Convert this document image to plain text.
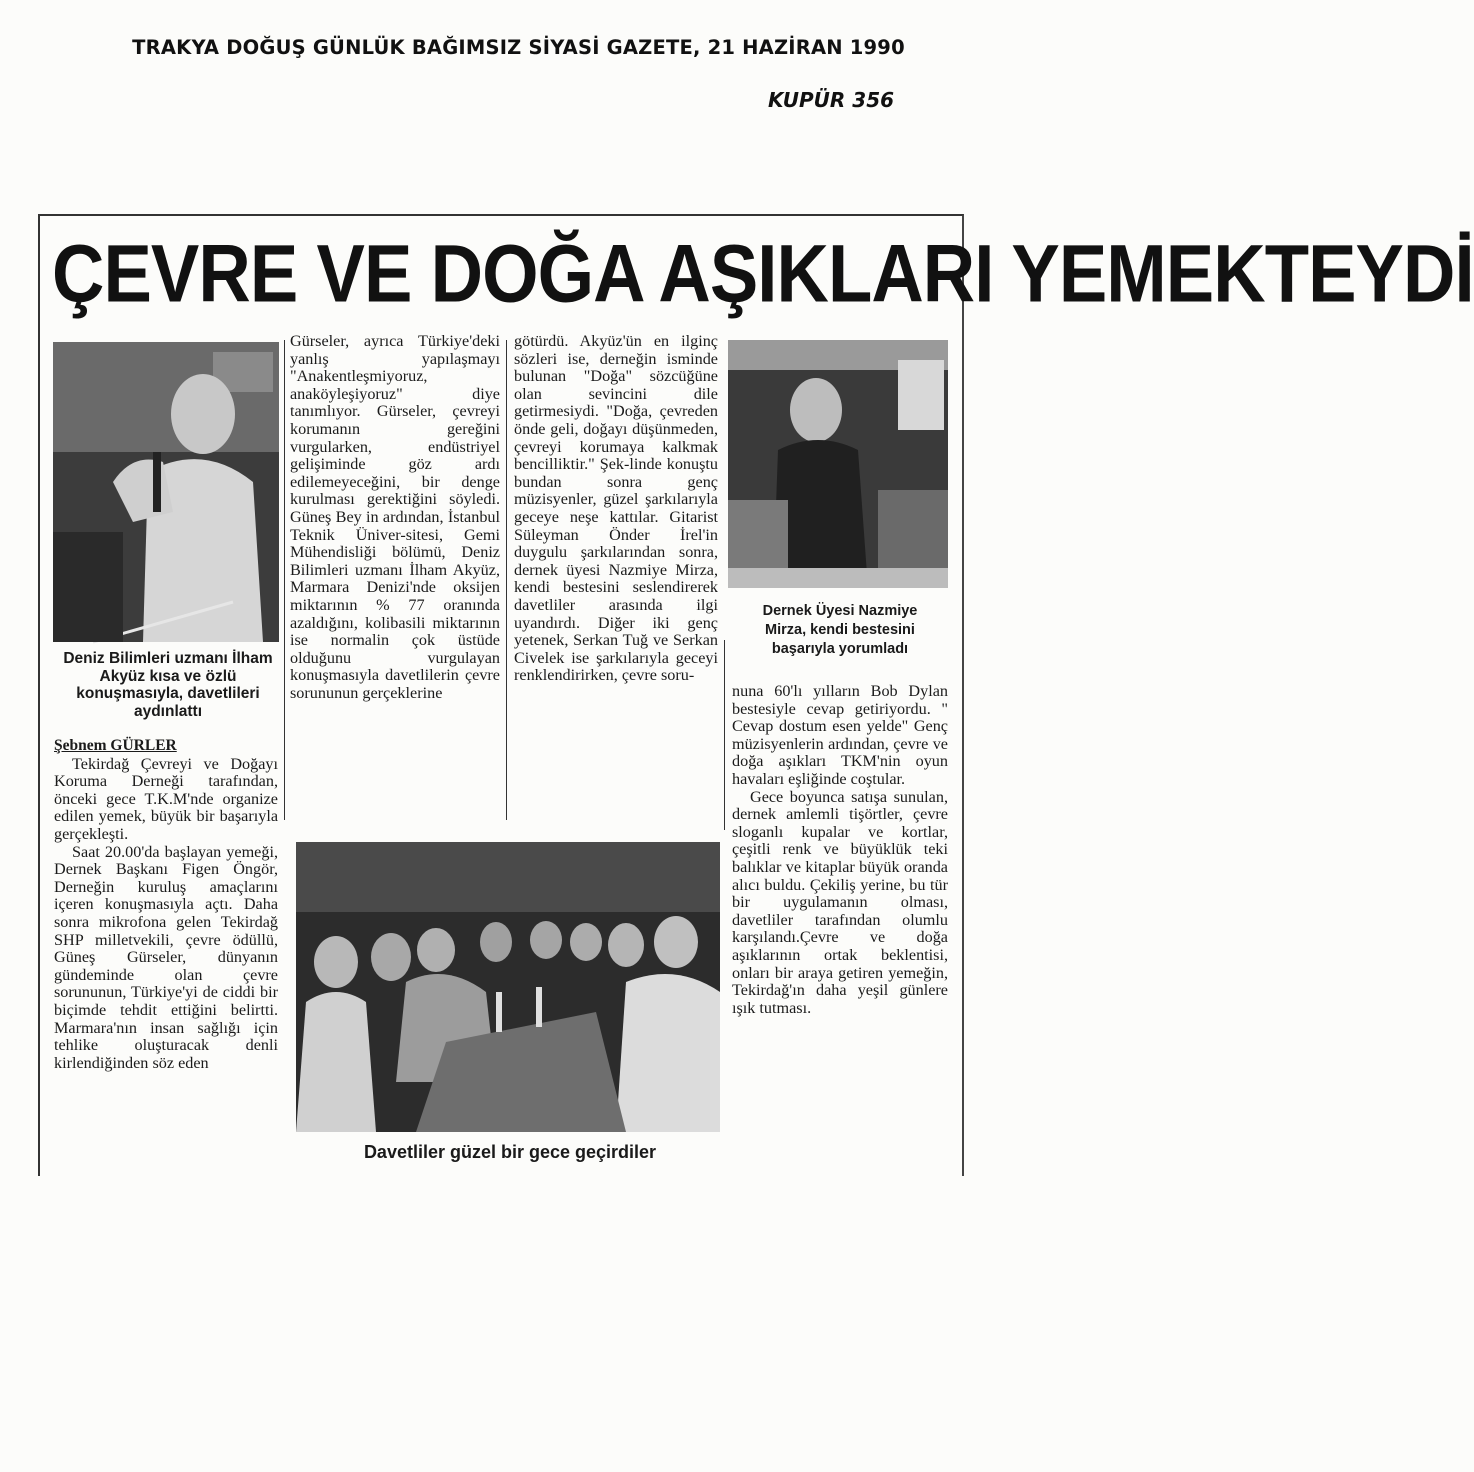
TRAKYA DOĞUŞ GÜNLÜK BAĞIMSIZ SİYASİ GAZETE, 21 HAZİRAN 1990
KUPÜR 356
ÇEVRE VE DOĞA AŞIKLARI YEMEKTEYDİ
Deniz Bilimleri uzmanı İlham Akyüz kısa ve özlü konuşmasıyla, davetlileri aydınlattı
Dernek Üyesi Nazmiye Mirza, kendi bestesini başarıyla yorumladı
Davetliler güzel bir gece geçirdiler
Şebnem GÜRLER

Tekirdağ Çevreyi ve Doğayı Koruma Derneği tarafından, önceki gece T.K.M'nde organize edilen yemek, büyük bir başarıyla gerçekleşti.

Saat 20.00'da başlayan yemeği, Dernek Başkanı Figen Öngör, Derneğin kuruluş amaçlarını içeren konuşmasıyla açtı. Daha sonra mikrofona gelen Tekirdağ SHP milletvekili, çevre ödüllü, Güneş Gürseler, dünyanın gündeminde olan çevre sorununun, Türkiye'yi de ciddi bir biçimde tehdit ettiğini belirtti. Marmara'nın insan sağlığı için tehlike oluşturacak denli kirlendiğinden söz eden

Gürseler, ayrıca Türkiye'deki yanlış yapılaşmayı "Anakentleşmiyoruz, anaköyleşiyoruz" diye tanımlıyor. Gürseler, çevreyi korumanın gereğini vurgularken, endüstriyel gelişiminde göz ardı edilemeyeceğini, bir denge kurulması gerektiğini söyledi. Güneş Bey in ardından, İstanbul Teknik Üniver-sitesi, Gemi Mühendisliği bölümü, Deniz Bilimleri uzmanı İlham Akyüz, Marmara Denizi'nde oksijen miktarının % 77 oranında azaldığını, kolibasili miktarının ise normalin çok üstüde olduğunu vurgulayan konuşmasıyla davetlilerin çevre sorununun gerçeklerine

götürdü. Akyüz'ün en ilginç sözleri ise, derneğin isminde bulunan "Doğa" sözcüğüne olan sevincini dile getirmesiydi. "Doğa, çevreden önde geli, doğayı düşünmeden, çevreyi korumaya kalkmak bencilliktir." Şek-linde konuştu bundan sonra genç müzisyenler, güzel şarkılarıyla geceye neşe kattılar. Gitarist Süleyman Önder İrel'in duygulu şarkılarından sonra, dernek üyesi Nazmiye Mirza, kendi bestesini seslendirerek davetliler arasında ilgi uyandırdı. Diğer iki genç yetenek, Serkan Tuğ ve Serkan Civelek ise şarkılarıyla geceyi renklendirirken, çevre soru-

nuna 60'lı yılların Bob Dylan bestesiyle cevap getiriyordu. " Cevap dostum esen yelde" Genç müzisyenlerin ardından, çevre ve doğa aşıkları TKM'nin oyun havaları eşliğinde coştular.

Gece boyunca satışa sunulan, dernek amlemli tişörtler, çevre sloganlı kupalar ve kortlar, çeşitli renk ve büyüklük teki balıklar ve kitaplar büyük oranda alıcı buldu. Çekiliş yerine, bu tür bir uygulamanın olması, davetliler tarafından olumlu karşılandı.Çevre ve doğa aşıklarının ortak beklentisi, onları bir araya getiren yemeğin, Tekirdağ'ın daha yeşil günlere ışık tutması.
